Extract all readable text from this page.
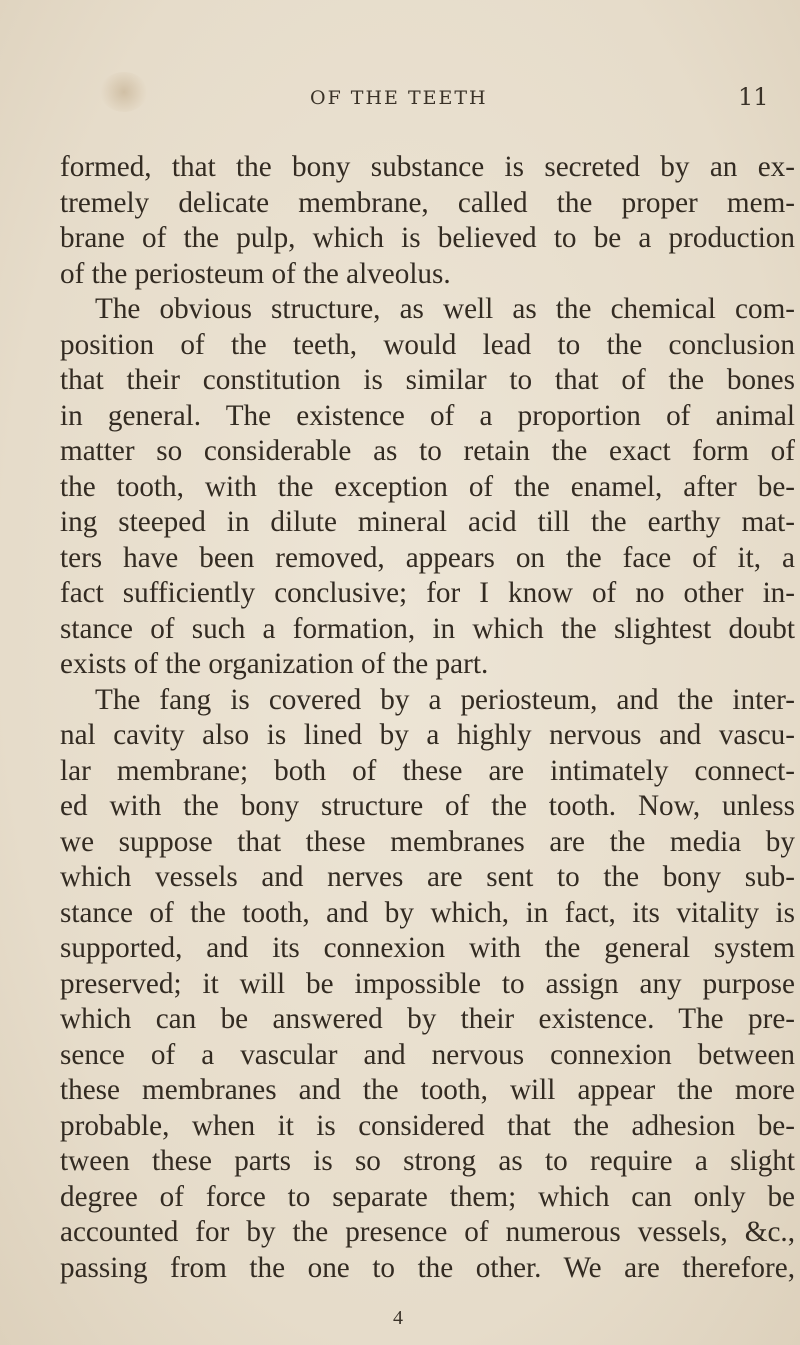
OF THE TEETH	11
formed, that the bony substance is secreted by an ex-
tremely delicate membrane, called the proper mem-
brane of the pulp, which is believed to be a production
of the periosteum of the alveolus.
The obvious structure, as well as the chemical com-
position of the teeth, would lead to the conclusion
that their constitution is similar to that of the bones
in general. The existence of a proportion of animal
matter so considerable as to retain the exact form of
the tooth, with the exception of the enamel, after be-
ing steeped in dilute mineral acid till the earthy mat-
ters have been removed, appears on the face of it, a
fact sufficiently conclusive; for I know of no other in-
stance of such a formation, in which the slightest doubt
exists of the organization of the part.
The fang is covered by a periosteum, and the inter-
nal cavity also is lined by a highly nervous and vascu-
lar membrane; both of these are intimately connect-
ed with the bony structure of the tooth. Now, unless
we suppose that these membranes are the media by
which vessels and nerves are sent to the bony sub-
stance of the tooth, and by which, in fact, its vitality is
supported, and its connexion with the general system
preserved; it will be impossible to assign any purpose
which can be answered by their existence. The pre-
sence of a vascular and nervous connexion between
these membranes and the tooth, will appear the more
probable, when it is considered that the adhesion be-
tween these parts is so strong as to require a slight
degree of force to separate them; which can only be
accounted for by the presence of numerous vessels, &c.,
passing from the one to the other. We are therefore,
4
